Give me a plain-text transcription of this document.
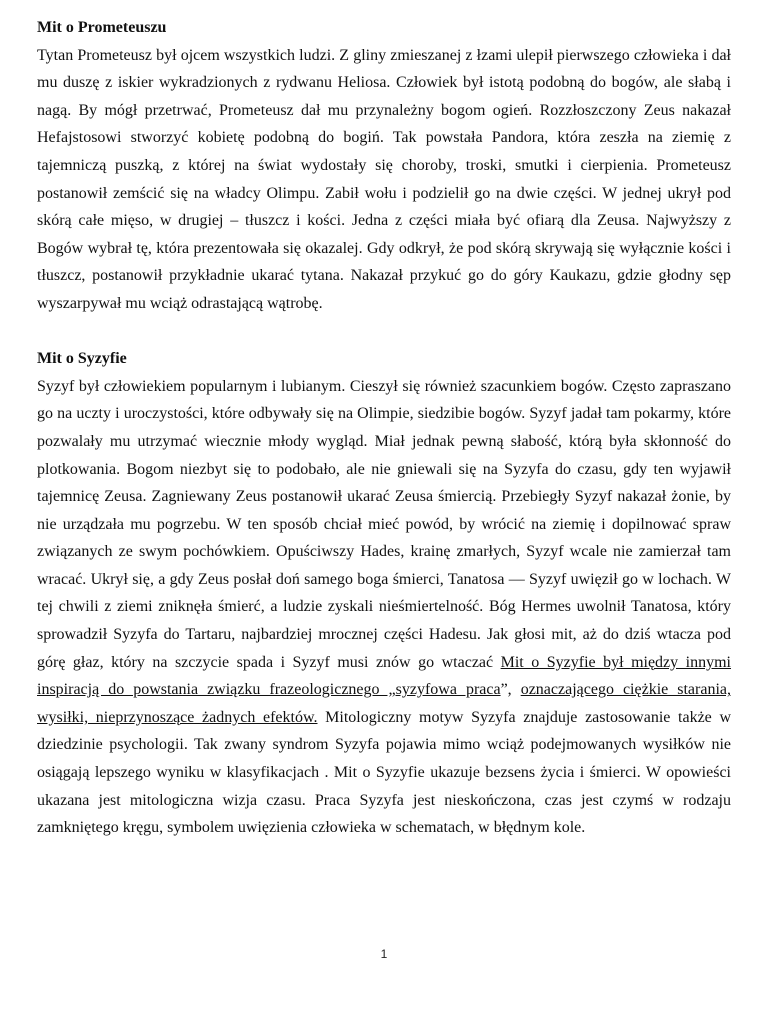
Mit o Prometeuszu

Tytan Prometeusz był ojcem wszystkich ludzi. Z gliny zmieszanej z łzami ulepił pierwszego człowieka i dał mu duszę z iskier wykradzionych z rydwanu Heliosa. Człowiek był istotą podobną do bogów, ale słabą i nagą. By mógł przetrwać, Prometeusz dał mu przynależny bogom ogień. Rozzłoszczony Zeus nakazał Hefajstosowi stworzyć kobietę podobną do bogiń. Tak powstała Pandora, która zeszła na ziemię z tajemniczą puszką, z której na świat wydostały się choroby, troski, smutki i cierpienia. Prometeusz postanowił zemścić się na władcy Olimpu. Zabił wołu i podzielił go na dwie części. W jednej ukrył pod skórą całe mięso, w drugiej – tłuszcz i kości. Jedna z części miała być ofiarą dla Zeusa. Najwyższy z Bogów wybrał tę, która prezentowała się okazalej. Gdy odkrył, że pod skórą skrywają się wyłącznie kości i tłuszcz, postanowił przykładnie ukarać tytana. Nakazał przykuć go do góry Kaukazu, gdzie głodny sęp wyszarpywał mu wciąż odrastającą wątrobę.

Mit o Syzyfie

Syzyf był człowiekiem popularnym i lubianym. Cieszył się również szacunkiem bogów. Często zapraszano go na uczty i uroczystości, które odbywały się na Olimpie, siedzibie bogów. Syzyf jadał tam pokarmy, które pozwalały mu utrzymać wiecznie młody wygląd. Miał jednak pewną słabość, którą była skłonność do plotkowania. Bogom niezbyt się to podobało, ale nie gniewali się na Syzyfa do czasu, gdy ten wyjawił tajemnicę Zeusa. Zagniewany Zeus postanowił ukarać Zeusa śmiercią. Przebiegły Syzyf nakazał żonie, by nie urządzała mu pogrzebu. W ten sposób chciał mieć powód, by wrócić na ziemię i dopilnować spraw związanych ze swym pochówkiem. Opuściwszy Hades, krainę zmarłych, Syzyf wcale nie zamierzał tam wracać. Ukrył się, a gdy Zeus posłał doń samego boga śmierci, Tanatosa — Syzyf uwięził go w lochach. W tej chwili z ziemi zniknęła śmierć, a ludzie zyskali nieśmiertelność. Bóg Hermes uwolnił Tanatosa, który sprowadził Syzyfa do Tartaru, najbardziej mrocznej części Hadesu. Jak głosi mit, aż do dziś wtacza pod górę głaz, który na szczycie spada i Syzyf musi znów go wtaczać Mit o Syzyfie był między innymi inspiracją do powstania związku frazeologicznego „syzyfowa praca”, oznaczającego ciężkie starania, wysiłki, nieprzynoszące żadnych efektów. Mitologiczny motyw Syzyfa znajduje zastosowanie także w dziedzinie psychologii. Tak zwany syndrom Syzyfa pojawia mimo wciąż podejmowanych wysiłków nie osiągają lepszego wyniku w klasyfikacjach . Mit o Syzyfie ukazuje bezsens życia i śmierci. W opowieści ukazana jest mitologiczna wizja czasu. Praca Syzyfa jest nieskończona, czas jest czymś w rodzaju zamkniętego kręgu, symbolem uwięzienia człowieka w schematach, w błędnym kole.

1
